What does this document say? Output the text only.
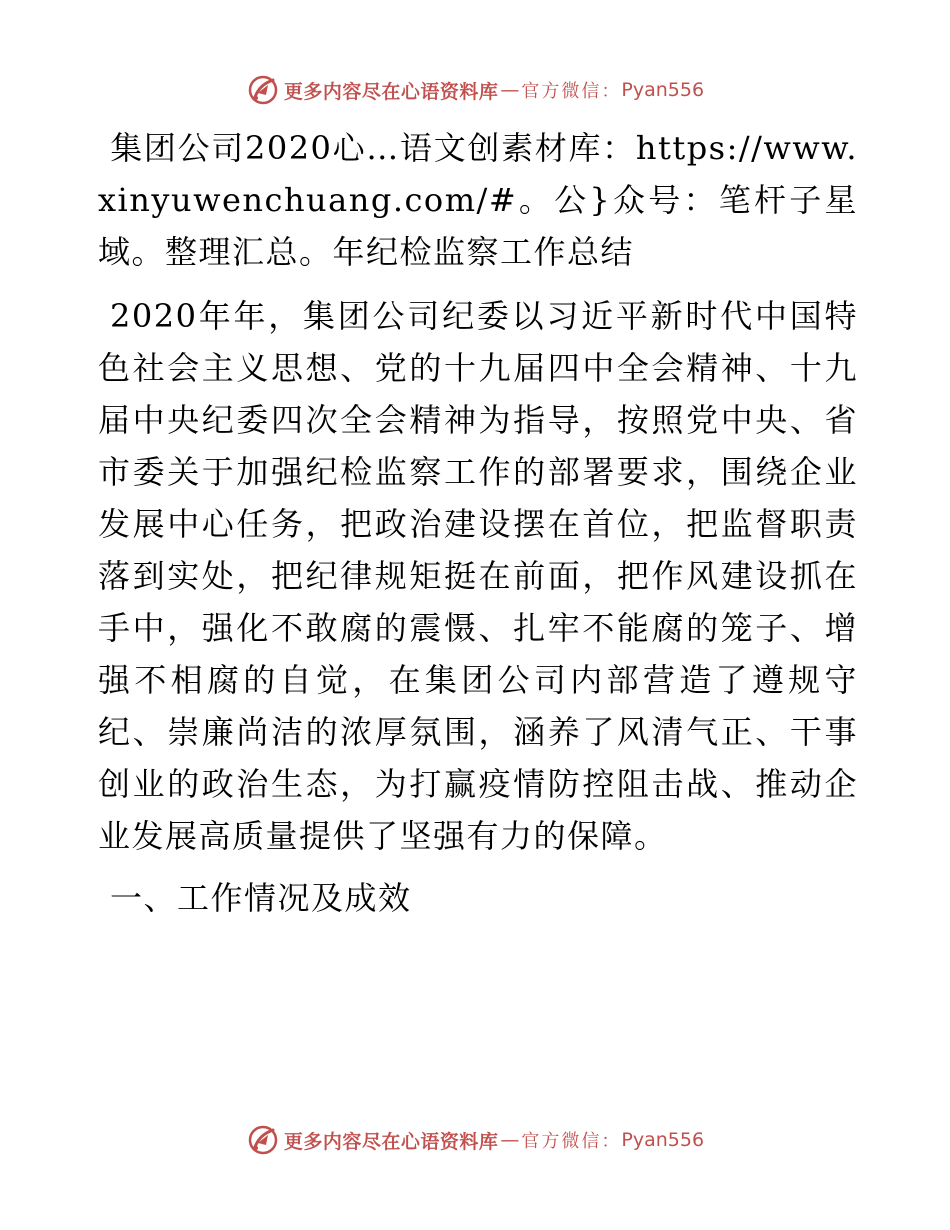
更多内容尽在心语资料库 — 官方微信： Pyan556

集团公司2020心…语文创素材库：https://www.xinyuwenchuang.com/#。公}众号：笔杆子星域。整理汇总。年纪检监察工作总结

2020年年，集团公司纪委以习近平新时代中国特色社会主义思想、党的十九届四中全会精神、十九届中央纪委四次全会精神为指导，按照党中央、省市委关于加强纪检监察工作的部署要求，围绕企业发展中心任务，把政治建设摆在首位，把监督职责落到实处，把纪律规矩挺在前面，把作风建设抓在手中，强化不敢腐的震慑、扎牢不能腐的笼子、增强不相腐的自觉，在集团公司内部营造了遵规守纪、崇廉尚洁的浓厚氛围，涵养了风清气正、干事创业的政治生态，为打赢疫情防控阻击战、推动企业发展高质量提供了坚强有力的保障。

一、工作情况及成效

更多内容尽在心语资料库 — 官方微信： Pyan556
